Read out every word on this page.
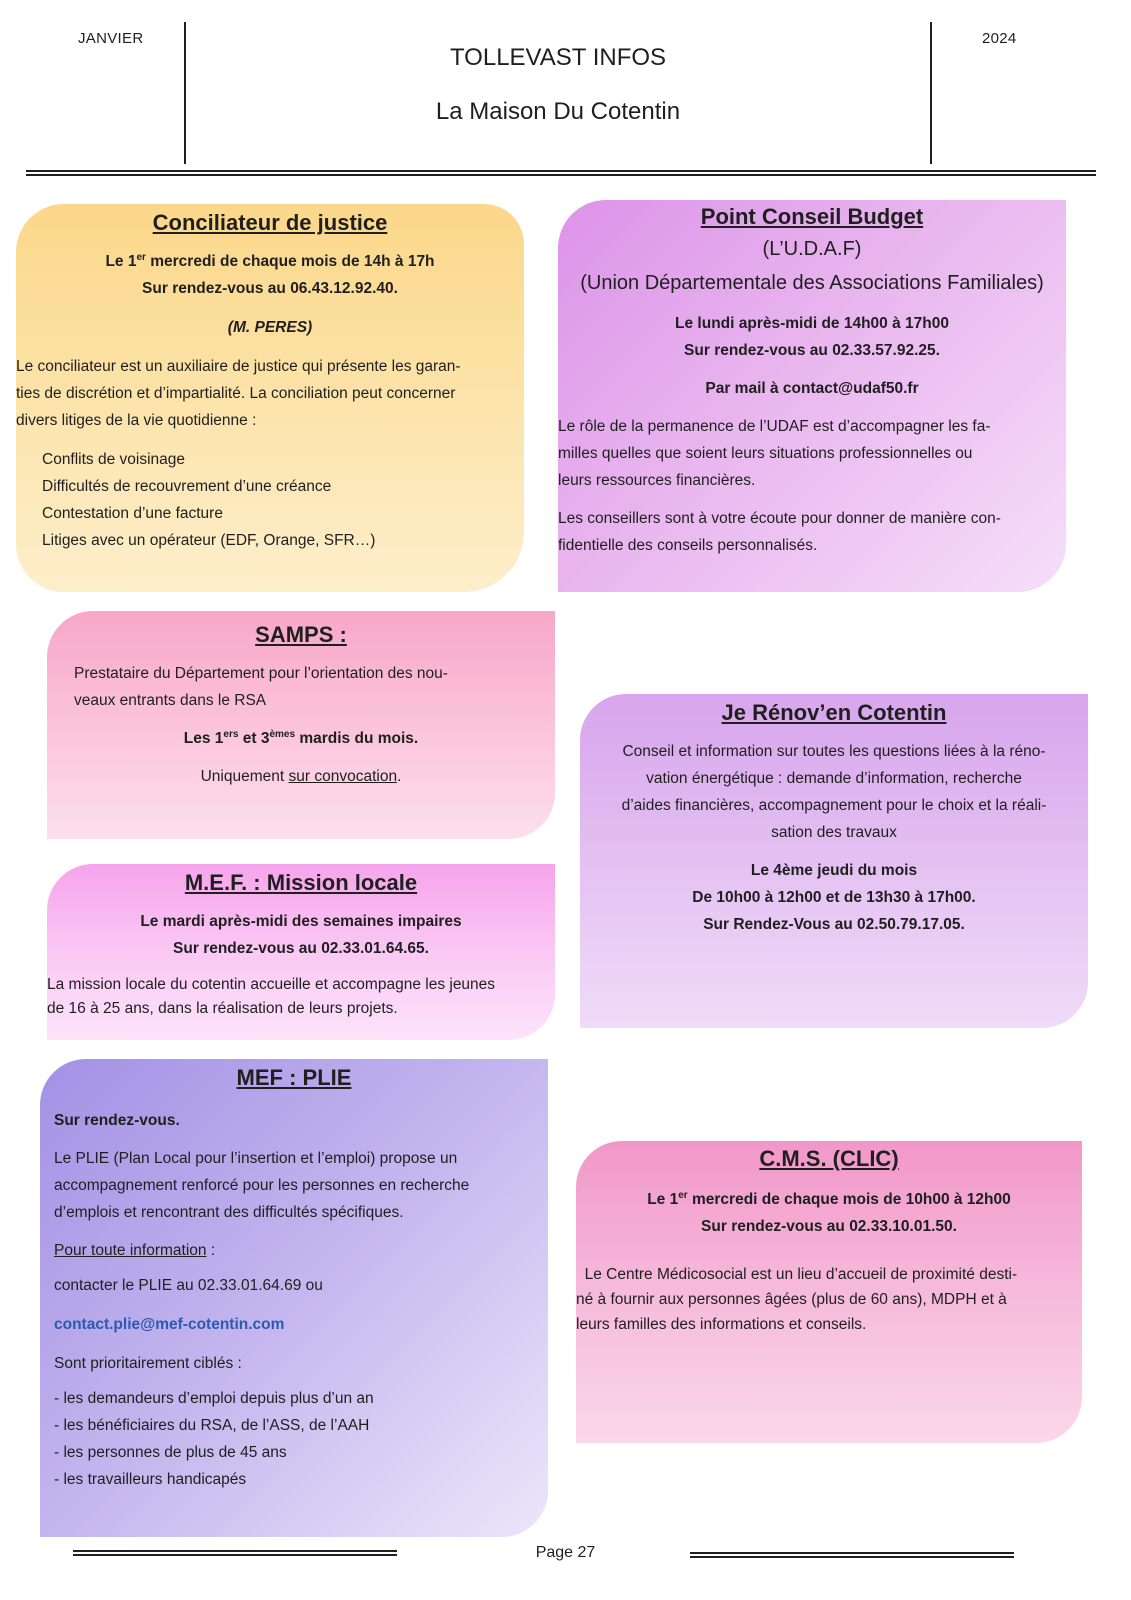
JANVIER
TOLLEVAST INFOS
La Maison Du Cotentin
2024
Conciliateur de justice

Le 1er mercredi de chaque mois de 14h à 17h

Sur rendez-vous au 06.43.12.92.40.

(M. PERES)

Le conciliateur est un auxiliaire de justice qui présente les garan-

ties de discrétion et d’impartialité. La conciliation peut concerner

divers litiges de la vie quotidienne :

Conflits de voisinage
Difficultés de recouvrement d’une créance
Contestation d’une facture
Litiges avec un opérateur (EDF, Orange, SFR…)
Point Conseil Budget

(L’U.D.A.F)

(Union Départementale des Associations Familiales)

Le lundi après-midi de 14h00 à 17h00

Sur rendez-vous au 02.33.57.92.25.

Par mail à contact@udaf50.fr

Le rôle de la permanence de l’UDAF est d’accompagner les fa-

milles quelles que soient leurs situations professionnelles ou

leurs ressources financières.

Les conseillers sont à votre écoute pour donner de manière con-

fidentielle des conseils personnalisés.

SAMPS :

Prestataire du Département pour l’orientation des nou-

veaux entrants dans le RSA

Les 1ers et 3èmes mardis du mois.

Uniquement sur convocation.

M.E.F. : Mission locale

Le mardi après-midi des semaines impaires

Sur rendez-vous au 02.33.01.64.65.

La mission locale du cotentin accueille et accompagne les jeunes

de 16 à 25 ans, dans la réalisation de leurs projets.

MEF : PLIE

Sur rendez-vous.

Le PLIE (Plan Local pour l’insertion et l’emploi) propose un

accompagnement renforcé pour les personnes en recherche

d’emplois et rencontrant des difficultés spécifiques.

Pour toute information :

contacter le PLIE au 02.33.01.64.69 ou

contact.plie@mef-cotentin.com

Sont prioritairement ciblés :

- les demandeurs d’emploi depuis plus d’un an
- les bénéficiaires du RSA, de l’ASS, de l’AAH
- les personnes de plus de 45 ans
- les travailleurs handicapés
Je Rénov’en Cotentin

Conseil et information sur toutes les questions liées à la réno-

vation énergétique : demande d’information, recherche

d’aides financières, accompagnement pour le choix et la réali-

sation des travaux

Le 4ème jeudi du mois

De 10h00 à 12h00 et de 13h30 à 17h00.

Sur Rendez-Vous au 02.50.79.17.05.

C.M.S. (CLIC)

Le 1er mercredi de chaque mois de 10h00 à 12h00

Sur rendez-vous au 02.33.10.01.50.

Le Centre Médicosocial est un lieu d’accueil de proximité desti-

né à fournir aux personnes âgées (plus de 60 ans), MDPH et à

leurs familles des informations et conseils.

Page 27
